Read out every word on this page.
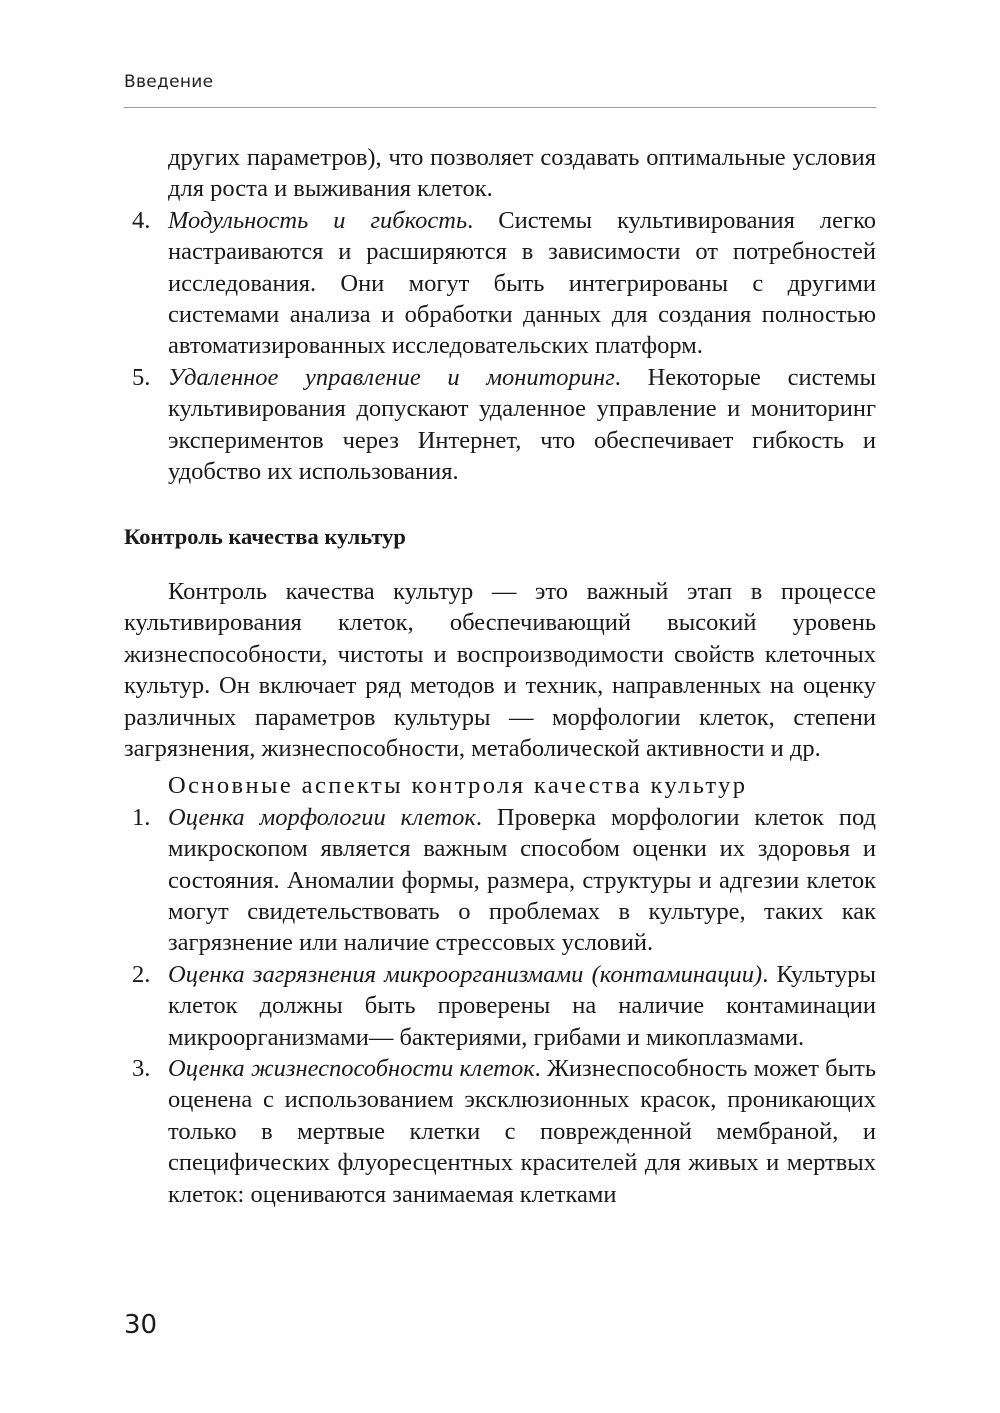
Введение

других параметров), что позволяет создавать оптимальные условия для роста и выживания клеток.

4. Модульность и гибкость. Системы культивирования легко настраиваются и расширяются в зависимости от потребностей исследования. Они могут быть интегрированы с другими системами анализа и обработки данных для создания полностью автоматизированных исследовательских платформ.

5. Удаленное управление и мониторинг. Некоторые системы культивирования допускают удаленное управление и мониторинг экспериментов через Интернет, что обеспечивает гибкость и удобство их использования.

Контроль качества культур

Контроль качества культур — это важный этап в процессе культивирования клеток, обеспечивающий высокий уровень жизнеспособности, чистоты и воспроизводимости свойств клеточных культур. Он включает ряд методов и техник, направленных на оценку различных параметров культуры — морфологии клеток, степени загрязнения, жизнеспособности, метаболической активности и др.

Основные аспекты контроля качества культур

1. Оценка морфологии клеток. Проверка морфологии клеток под микроскопом является важным способом оценки их здоровья и состояния. Аномалии формы, размера, структуры и адгезии клеток могут свидетельствовать о проблемах в культуре, таких как загрязнение или наличие стрессовых условий.

2. Оценка загрязнения микроорганизмами (контаминации). Культуры клеток должны быть проверены на наличие контаминации микроорганизмами— бактериями, грибами и микоплазмами.

3. Оценка жизнеспособности клеток. Жизнеспособность может быть оценена с использованием эксклюзионных красок, проникающих только в мертвые клетки с поврежденной мембраной, и специфических флуоресцентных красителей для живых и мертвых клеток: оцениваются занимаемая клетками

30
